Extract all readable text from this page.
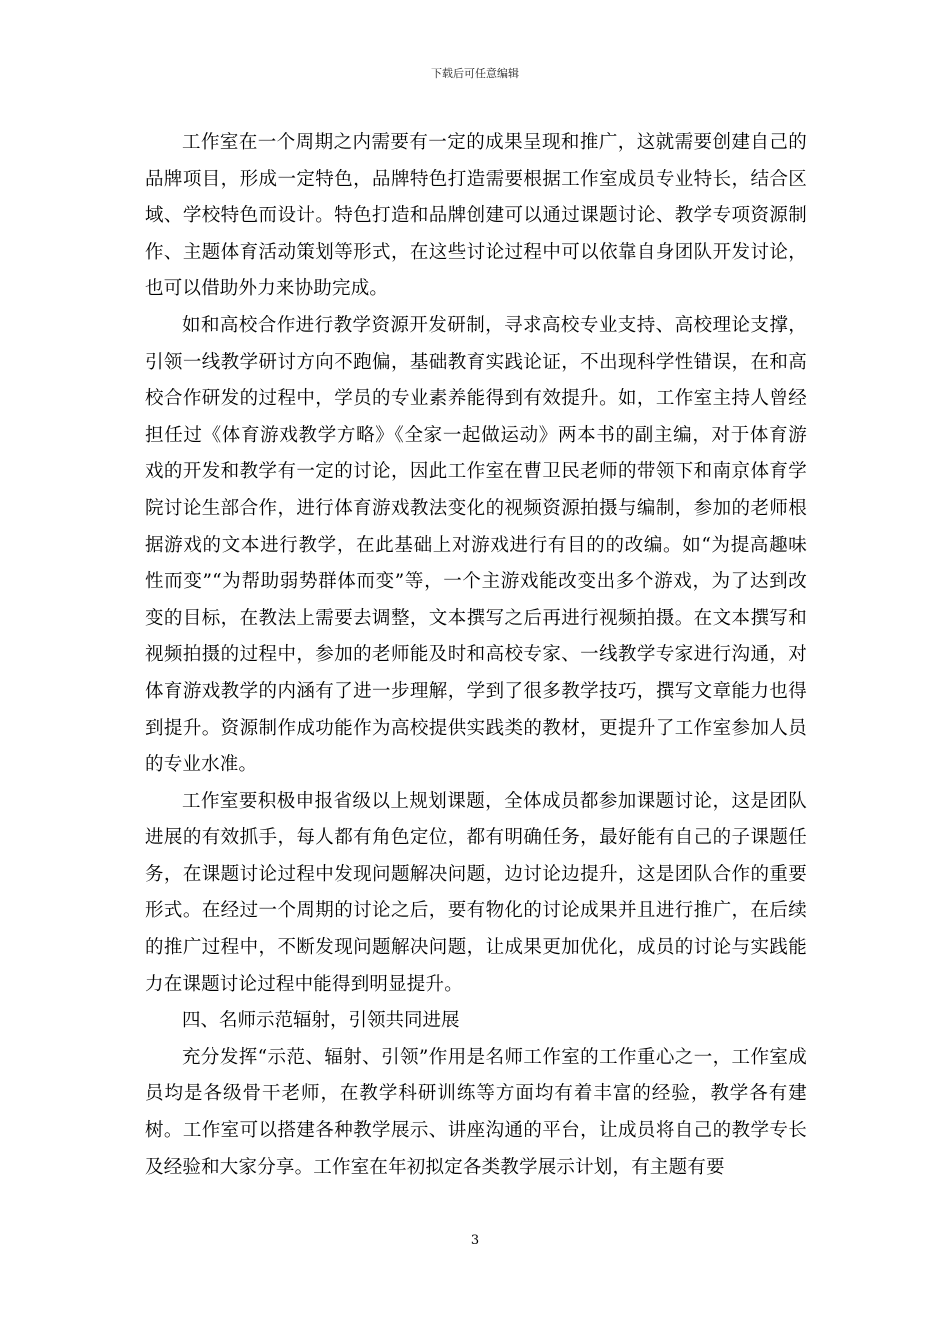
下载后可任意编辑

工作室在一个周期之内需要有一定的成果呈现和推广，这就需要创建自己的品牌项目，形成一定特色，品牌特色打造需要根据工作室成员专业特长，结合区域、学校特色而设计。特色打造和品牌创建可以通过课题讨论、教学专项资源制作、主题体育活动策划等形式，在这些讨论过程中可以依靠自身团队开发讨论，也可以借助外力来协助完成。

如和高校合作进行教学资源开发研制，寻求高校专业支持、高校理论支撑，引领一线教学研讨方向不跑偏，基础教育实践论证，不出现科学性错误，在和高校合作研发的过程中，学员的专业素养能得到有效提升。如，工作室主持人曾经担任过《体育游戏教学方略》《全家一起做运动》两本书的副主编，对于体育游戏的开发和教学有一定的讨论，因此工作室在曹卫民老师的带领下和南京体育学院讨论生部合作，进行体育游戏教法变化的视频资源拍摄与编制，参加的老师根据游戏的文本进行教学，在此基础上对游戏进行有目的的改编。如“为提高趣味性而变”“为帮助弱势群体而变”等，一个主游戏能改变出多个游戏，为了达到改变的目标，在教法上需要去调整，文本撰写之后再进行视频拍摄。在文本撰写和视频拍摄的过程中，参加的老师能及时和高校专家、一线教学专家进行沟通，对体育游戏教学的内涵有了进一步理解，学到了很多教学技巧，撰写文章能力也得到提升。资源制作成功能作为高校提供实践类的教材，更提升了工作室参加人员的专业水准。

工作室要积极申报省级以上规划课题，全体成员都参加课题讨论，这是团队进展的有效抓手，每人都有角色定位，都有明确任务，最好能有自己的子课题任务，在课题讨论过程中发现问题解决问题，边讨论边提升，这是团队合作的重要形式。在经过一个周期的讨论之后，要有物化的讨论成果并且进行推广，在后续的推广过程中，不断发现问题解决问题，让成果更加优化，成员的讨论与实践能力在课题讨论过程中能得到明显提升。

四、名师示范辐射，引领共同进展

充分发挥“示范、辐射、引领”作用是名师工作室的工作重心之一，工作室成员均是各级骨干老师，在教学科研训练等方面均有着丰富的经验，教学各有建树。工作室可以搭建各种教学展示、讲座沟通的平台，让成员将自己的教学专长及经验和大家分享。工作室在年初拟定各类教学展示计划，有主题有要

3
